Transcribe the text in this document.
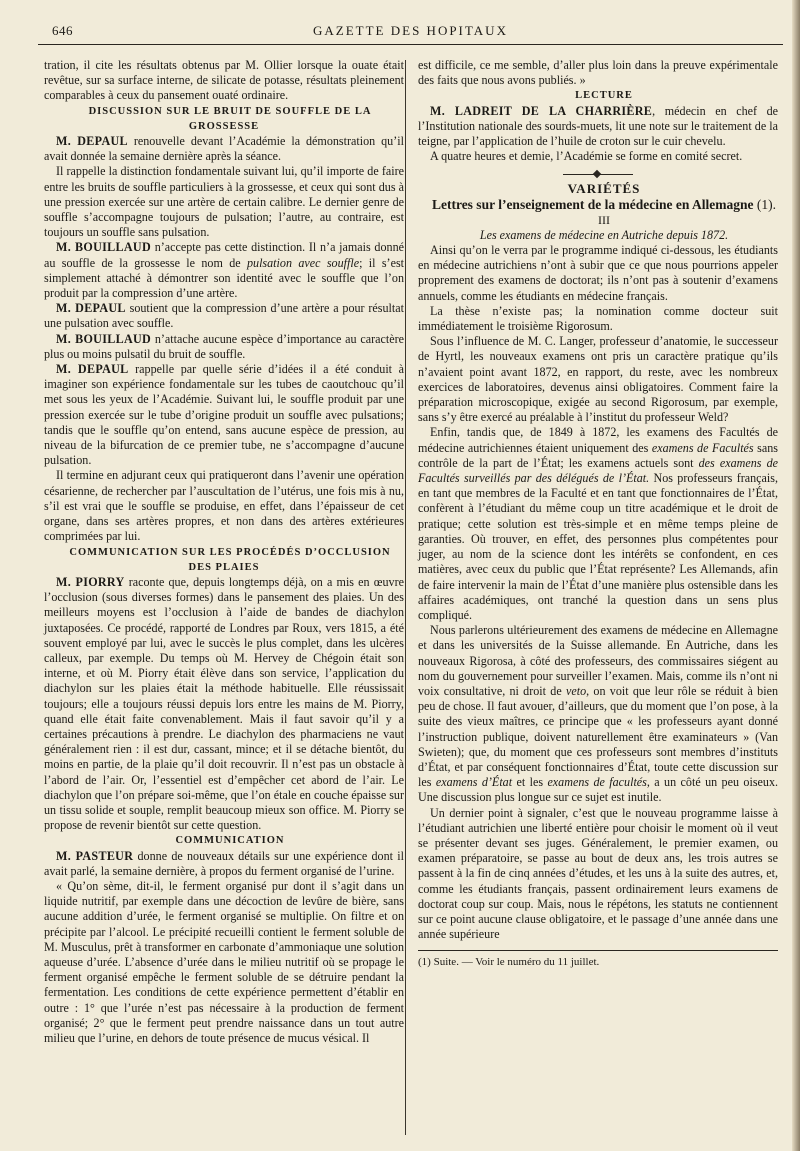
646	GAZETTE DES HOPITAUX

tration, il cite les résultats obtenus par M. Ollier lorsque la ouate était revêtue, sur sa surface interne, de silicate de potasse, résultats pleinement comparables à ceux du pansement ouaté ordinaire.

DISCUSSION SUR LE BRUIT DE SOUFFLE DE LA GROSSESSE

M. DEPAUL renouvelle devant l’Académie la démonstration qu’il avait donnée la semaine dernière après la séance.

Il rappelle la distinction fondamentale suivant lui, qu’il importe de faire entre les bruits de souffle particuliers à la grossesse, et ceux qui sont dus à une pression exercée sur une artère de certain calibre. Le dernier genre de souffle s’accompagne toujours de pulsation; l’autre, au contraire, est toujours un souffle sans pulsation.

M. BOUILLAUD n’accepte pas cette distinction. Il n’a jamais donné au souffle de la grossesse le nom de pulsation avec souffle; il s’est simplement attaché à démontrer son identité avec le souffle que l’on produit par la compression d’une artère.

M. DEPAUL soutient que la compression d’une artère a pour résultat une pulsation avec souffle.

M. BOUILLAUD n’attache aucune espèce d’importance au caractère plus ou moins pulsatil du bruit de souffle.

M. DEPAUL rappelle par quelle série d’idées il a été conduit à imaginer son expérience fondamentale sur les tubes de caoutchouc qu’il met sous les yeux de l’Académie. Suivant lui, le souffle produit par une pression exercée sur le tube d’origine produit un souffle avec pulsations; tandis que le souffle qu’on entend, sans aucune espèce de pression, au niveau de la bifurcation de ce premier tube, ne s’accompagne d’aucune pulsation.

Il termine en adjurant ceux qui pratiqueront dans l’avenir une opération césarienne, de rechercher par l’auscultation de l’utérus, une fois mis à nu, s’il est vrai que le souffle se produise, en effet, dans l’épaisseur de cet organe, dans ses artères propres, et non dans des artères extérieures comprimées par lui.

COMMUNICATION SUR LES PROCÉDÉS D’OCCLUSION DES PLAIES

M. PIORRY raconte que, depuis longtemps déjà, on a mis en œuvre l’occlusion (sous diverses formes) dans le pansement des plaies. Un des meilleurs moyens est l’occlusion à l’aide de bandes de diachylon juxtaposées. Ce procédé, rapporté de Londres par Roux, vers 1815, a été souvent employé par lui, avec le succès le plus complet, dans les ulcères calleux, par exemple. Du temps où M. Hervey de Chégoin était son interne, et où M. Piorry était élève dans son service, l’application du diachylon sur les plaies était la méthode habituelle. Elle réussissait toujours; elle a toujours réussi depuis lors entre les mains de M. Piorry, quand elle était faite convenablement. Mais il faut savoir qu’il y a certaines précautions à prendre. Le diachylon des pharmaciens ne vaut généralement rien : il est dur, cassant, mince; et il se détache bientôt, du moins en partie, de la plaie qu’il doit recouvrir. Il n’est pas un obstacle à l’abord de l’air. Or, l’essentiel est d’empêcher cet abord de l’air. Le diachylon que l’on prépare soi-même, que l’on étale en couche épaisse sur un tissu solide et souple, remplit beaucoup mieux son office. M. Piorry se propose de revenir bientôt sur cette question.

COMMUNICATION

M. PASTEUR donne de nouveaux détails sur une expérience dont il avait parlé, la semaine dernière, à propos du ferment organisé de l’urine.

« Qu’on sème, dit-il, le ferment organisé pur dont il s’agit dans un liquide nutritif, par exemple dans une décoction de levûre de bière, sans aucune addition d’urée, le ferment organisé se multiplie. On filtre et on précipite par l’alcool. Le précipité recueilli contient le ferment soluble de M. Musculus, prêt à transformer en carbonate d’ammoniaque une solution aqueuse d’urée. L’absence d’urée dans le milieu nutritif où se propage le ferment organisé empêche le ferment soluble de se détruire pendant la fermentation. Les conditions de cette expérience permettent d’établir en outre : 1° que l’urée n’est pas nécessaire à la production de ferment organisé; 2° que le ferment peut prendre naissance dans un tout autre milieu que l’urine, en dehors de toute présence de mucus vésical. Il

est difficile, ce me semble, d’aller plus loin dans la preuve expérimentale des faits que nous avons publiés. »

LECTURE

M. LADREIT DE LA CHARRIÈRE, médecin en chef de l’Institution nationale des sourds-muets, lit une note sur le traitement de la teigne, par l’application de l’huile de croton sur le cuir chevelu.

A quatre heures et demie, l’Académie se forme en comité secret.

VARIÉTÉS

Lettres sur l’enseignement de la médecine en Allemagne (1).

III

Les examens de médecine en Autriche depuis 1872.

Ainsi qu’on le verra par le programme indiqué ci-dessous, les étudiants en médecine autrichiens n’ont à subir que ce que nous pourrions appeler proprement des examens de doctorat; ils n’ont pas à soutenir d’examens annuels, comme les étudiants en médecine français.

La thèse n’existe pas; la nomination comme docteur suit immédiatement le troisième Rigorosum.

Sous l’influence de M. C. Langer, professeur d’anatomie, le successeur de Hyrtl, les nouveaux examens ont pris un caractère pratique qu’ils n’avaient point avant 1872, en rapport, du reste, avec les nombreux exercices de laboratoires, devenus ainsi obligatoires. Comment faire la préparation microscopique, exigée au second Rigorosum, par exemple, sans s’y être exercé au préalable à l’institut du professeur Weld?

Enfin, tandis que, de 1849 à 1872, les examens des Facultés de médecine autrichiennes étaient uniquement des examens de Facultés sans contrôle de la part de l’État; les examens actuels sont des examens de Facultés surveillés par des délégués de l’État. Nos professeurs français, en tant que membres de la Faculté et en tant que fonctionnaires de l’État, confèrent à l’étudiant du même coup un titre académique et le droit de pratique; cette solution est très-simple et en même temps pleine de garanties. Où trouver, en effet, des personnes plus compétentes pour juger, au nom de la science dont les intérêts se confondent, en ces matières, avec ceux du public que l’État représente? Les Allemands, afin de faire intervenir la main de l’État d’une manière plus ostensible dans les affaires académiques, ont tranché la question dans un sens plus compliqué.

Nous parlerons ultérieurement des examens de médecine en Allemagne et dans les universités de la Suisse allemande. En Autriche, dans les nouveaux Rigorosa, à côté des professeurs, des commissaires siégent au nom du gouvernement pour surveiller l’examen. Mais, comme ils n’ont ni voix consultative, ni droit de veto, on voit que leur rôle se réduit à bien peu de chose. Il faut avouer, d’ailleurs, que du moment que l’on pose, à la suite des vieux maîtres, ce principe que « les professeurs ayant donné l’instruction publique, doivent naturellement être examinateurs » (Van Swieten); que, du moment que ces professeurs sont membres d’instituts d’État, et par conséquent fonctionnaires d’État, toute cette discussion sur les examens d’État et les examens de facultés, a un côté un peu oiseux. Une discussion plus longue sur ce sujet est inutile.

Un dernier point à signaler, c’est que le nouveau programme laisse à l’étudiant autrichien une liberté entière pour choisir le moment où il veut se présenter devant ses juges. Généralement, le premier examen, ou examen préparatoire, se passe au bout de deux ans, les trois autres se passent à la fin de cinq années d’études, et les uns à la suite des autres, et, comme les étudiants français, passent ordinairement leurs examens de doctorat coup sur coup. Mais, nous le répétons, les statuts ne contiennent sur ce point aucune clause obligatoire, et le passage d’une année dans une année supérieure

(1) Suite. — Voir le numéro du 11 juillet.
